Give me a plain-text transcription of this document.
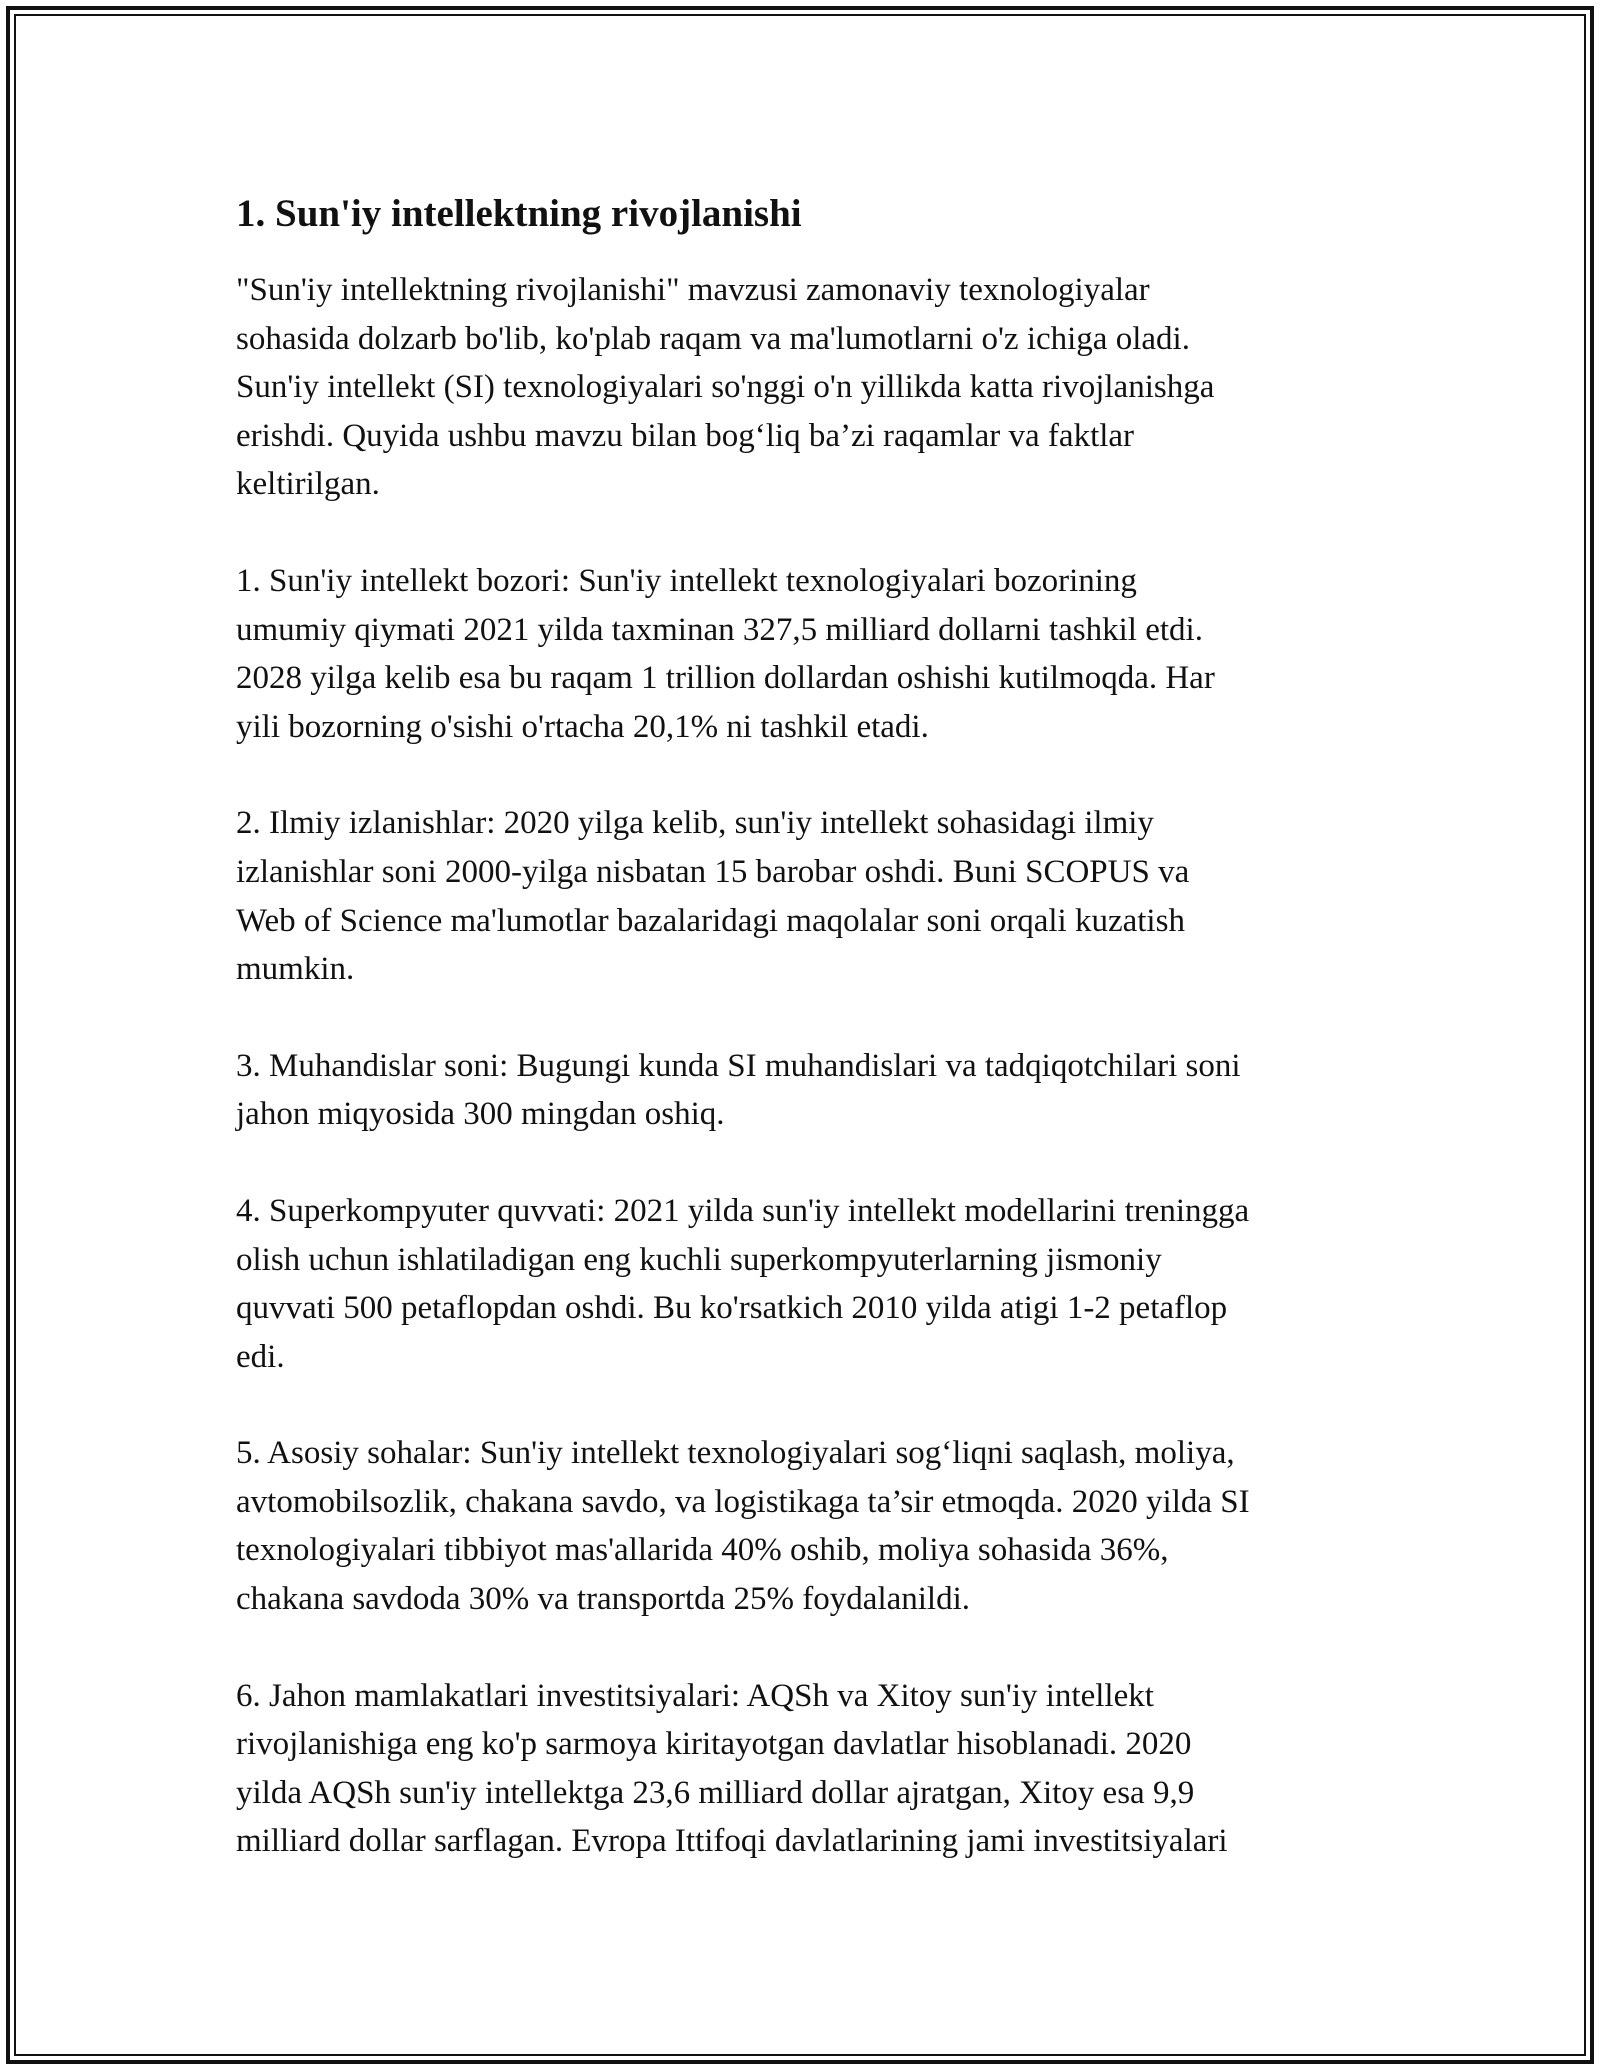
1. Sun'iy intellektning rivojlanishi

"Sun'iy intellektning rivojlanishi" mavzusi zamonaviy texnologiyalar
sohasida dolzarb bo'lib, ko'plab raqam va ma'lumotlarni o'z ichiga oladi.
Sun'iy intellekt (SI) texnologiyalari so'nggi o'n yillikda katta rivojlanishga
erishdi. Quyida ushbu mavzu bilan bog‘liq ba’zi raqamlar va faktlar
keltirilgan.

1. Sun'iy intellekt bozori: Sun'iy intellekt texnologiyalari bozorining
umumiy qiymati 2021 yilda taxminan 327,5 milliard dollarni tashkil etdi.
2028 yilga kelib esa bu raqam 1 trillion dollardan oshishi kutilmoqda. Har
yili bozorning o'sishi o'rtacha 20,1% ni tashkil etadi.

2. Ilmiy izlanishlar: 2020 yilga kelib, sun'iy intellekt sohasidagi ilmiy
izlanishlar soni 2000-yilga nisbatan 15 barobar oshdi. Buni SCOPUS va
Web of Science ma'lumotlar bazalaridagi maqolalar soni orqali kuzatish
mumkin.

3. Muhandislar soni: Bugungi kunda SI muhandislari va tadqiqotchilari soni
jahon miqyosida 300 mingdan oshiq.

4. Superkompyuter quvvati: 2021 yilda sun'iy intellekt modellarini treningga
olish uchun ishlatiladigan eng kuchli superkompyuterlarning jismoniy
quvvati 500 petaflopdan oshdi. Bu ko'rsatkich 2010 yilda atigi 1-2 petaflop
edi.

5. Asosiy sohalar: Sun'iy intellekt texnologiyalari sog‘liqni saqlash, moliya,
avtomobilsozlik, chakana savdo, va logistikaga ta’sir etmoqda. 2020 yilda SI
texnologiyalari tibbiyot mas'allarida 40% oshib, moliya sohasida 36%,
chakana savdoda 30% va transportda 25% foydalanildi.

6. Jahon mamlakatlari investitsiyalari: AQSh va Xitoy sun'iy intellekt
rivojlanishiga eng ko'p sarmoya kiritayotgan davlatlar hisoblanadi. 2020
yilda AQSh sun'iy intellektga 23,6 milliard dollar ajratgan, Xitoy esa 9,9
milliard dollar sarflagan. Evropa Ittifoqi davlatlarining jami investitsiyalari
